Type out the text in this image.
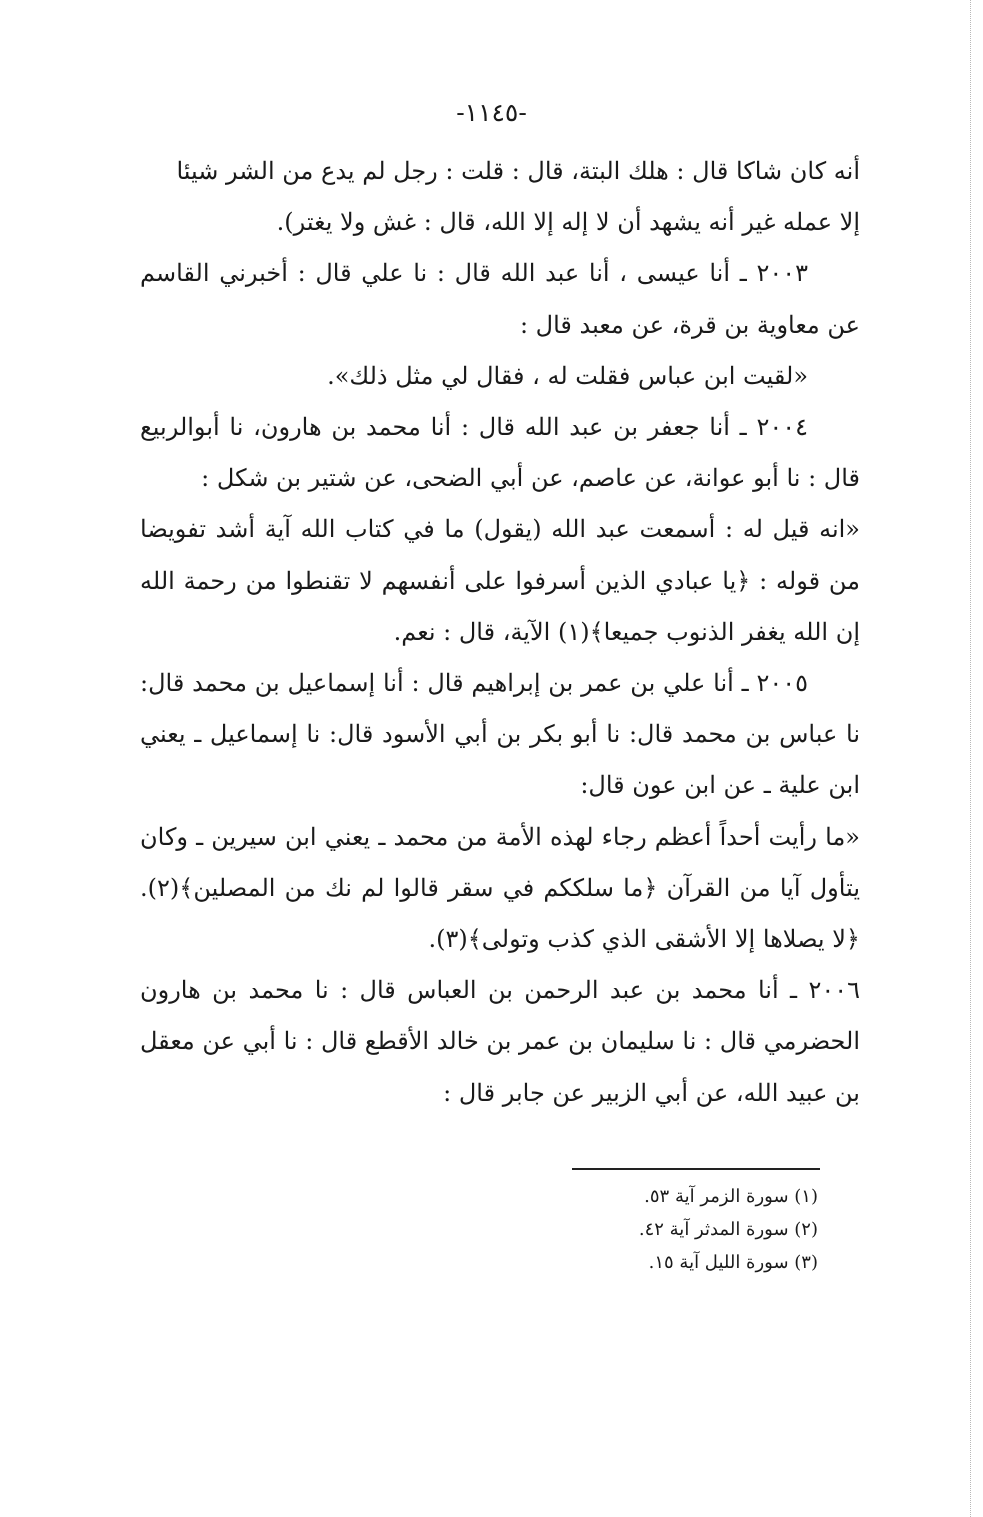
-١١٤٥-

أنه كان شاكا قال : هلك البتة، قال : قلت : رجل لم يدع من الشر شيئا

إلا عمله غير أنه يشهد أن لا إله إلا الله، قال : غش ولا يغتر).

٢٠٠٣ ـ أنا عيسى ، أنا عبد الله قال : نا علي قال : أخبرني القاسم عن معاوية بن قرة، عن معبد قال :

«لقيت ابن عباس فقلت له ، فقال لي مثل ذلك».

٢٠٠٤ ـ أنا جعفر بن عبد الله قال : أنا محمد بن هارون، نا أبوالربيع قال : نا أبو عوانة، عن عاصم، عن أبي الضحى، عن شتير بن شكل :

«انه قيل له : أسمعت عبد الله (يقول) ما في كتاب الله آية أشد تفويضا من قوله : ﴿يا عبادي الذين أسرفوا على أنفسهم لا تقنطوا من رحمة الله إن الله يغفر الذنوب جميعا﴾(١) الآية، قال : نعم.

٢٠٠٥ ـ أنا علي بن عمر بن إبراهيم قال : أنا إسماعيل بن محمد قال: نا عباس بن محمد قال: نا أبو بكر بن أبي الأسود قال: نا إسماعيل ـ يعني ابن علية ـ عن ابن عون قال:

«ما رأيت أحداً أعظم رجاء لهذه الأمة من محمد ـ يعني ابن سيرين ـ وكان يتأول آيا من القرآن ﴿ما سلككم في سقر قالوا لم نك من المصلين﴾(٢). ﴿لا يصلاها إلا الأشقى الذي كذب وتولى﴾(٣).

٢٠٠٦ ـ أنا محمد بن عبد الرحمن بن العباس قال : نا محمد بن هارون الحضرمي قال : نا سليمان بن عمر بن خالد الأقطع قال : نا أبي عن معقل بن عبيد الله، عن أبي الزبير عن جابر قال :

(١) سورة الزمر آية ٥٣.
(٢) سورة المدثر آية ٤٢.
(٣) سورة الليل آية ١٥.
